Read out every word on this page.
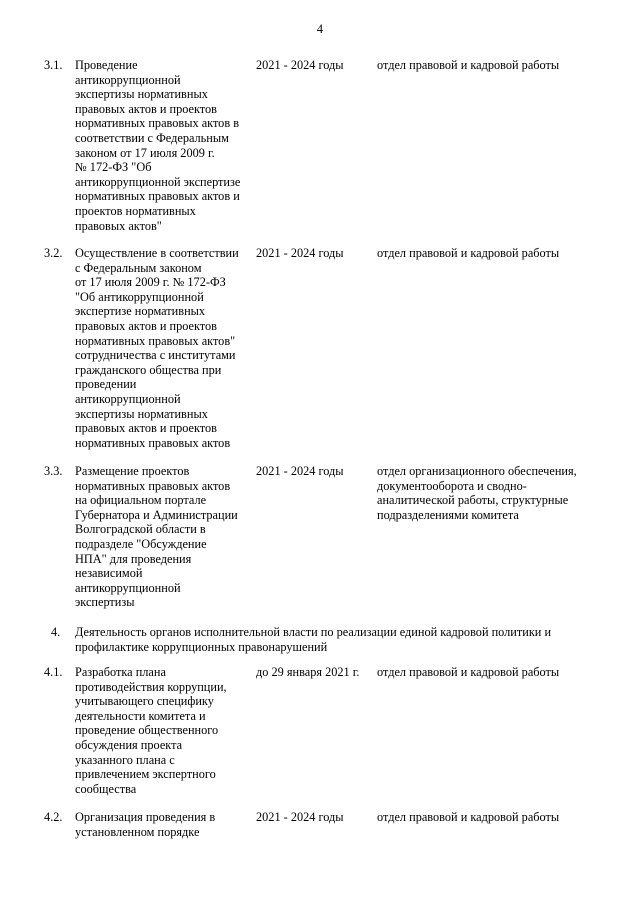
4
3.1.	Проведение
антикоррупционной
экспертизы нормативных
правовых актов и проектов
нормативных правовых актов в
соответствии с Федеральным
законом от 17 июля 2009 г.
№ 172-ФЗ "Об
антикоррупционной экспертизе
нормативных правовых актов и
проектов нормативных
правовых актов"
2021 - 2024 годы	отдел правовой и кадровой работы
3.2.	Осуществление в соответствии
с Федеральным законом
от 17 июля 2009 г. № 172-ФЗ
"Об антикоррупционной
экспертизе нормативных
правовых актов и проектов
нормативных правовых актов"
сотрудничества с институтами
гражданского общества при
проведении
антикоррупционной
экспертизы нормативных
правовых актов и проектов
нормативных правовых актов
2021 - 2024 годы	отдел правовой и кадровой работы
3.3.	Размещение проектов
нормативных правовых актов
на официальном портале
Губернатора и Администрации
Волгоградской области в
подразделе "Обсуждение
НПА" для проведения
независимой
антикоррупционной
экспертизы
2021 - 2024 годы	отдел организационного обеспечения,
документооборота и сводно-
аналитической работы, структурные
подразделениями комитета
4. Деятельность органов исполнительной власти по реализации единой кадровой политики и
профилактике коррупционных правонарушений
4.1.	Разработка плана
противодействия коррупции,
учитывающего специфику
деятельности комитета и
проведение общественного
обсуждения проекта
указанного плана с
привлечением экспертного
сообщества
до 29 января 2021 г.	отдел правовой и кадровой работы
4.2.	Организация проведения в
установленном порядке
2021 - 2024 годы	отдел правовой и кадровой работы
